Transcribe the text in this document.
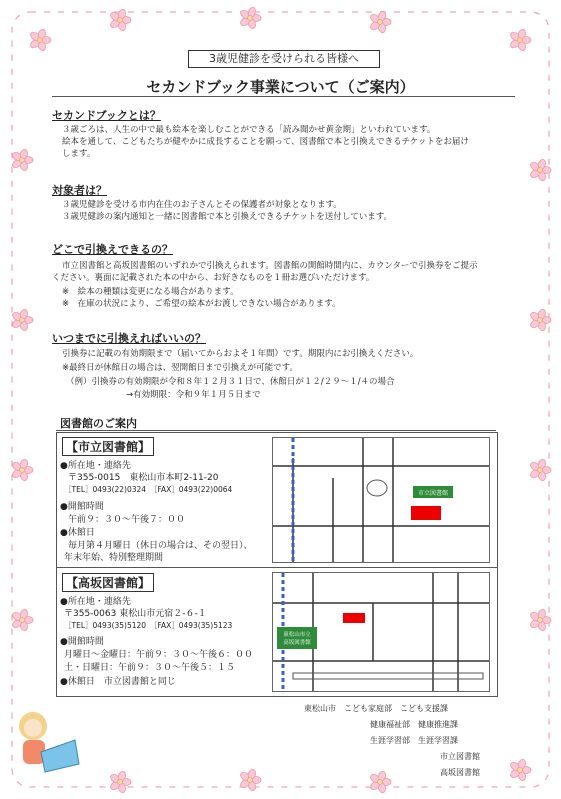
3歳児健診を受けられる皆様へ
セカンドブック事業について（ご案内）
セカンドブックとは？
３歳ごろは、人生の中で最も絵本を楽しむことができる「読み聞かせ黄金期」といわれています。
絵本を通して、こどもたちが健やかに成長することを願って、図書館で本と引換えできるチケットをお届け
します。
対象者は？
３歳児健診を受ける市内在住のお子さんとその保護者が対象となります。
３歳児健診の案内通知と一緒に図書館で本と引換えできるチケットを送付しています。
どこで引換えできるの？
市立図書館と高坂図書館のいずれかで引換えられます。図書館の開館時間内に、カウンターで引換券をご提示
ください。裏面に記載された本の中から、お好きなものを１冊お選びいただけます。
※　絵本の種類は変更になる場合があります。
※　在庫の状況により、ご希望の絵本がお渡しできない場合があります。
いつまでに引換えればいいの？
引換券に記載の有効期限まで（届いてからおよそ１年間）です。期限内にお引換えください。
※最終日が休館日の場合は、翌開館日まで引換えが可能です。
（例）引換券の有効期限が令和８年１２月３１日で、休館日が１２/２９〜１/４の場合
→有効期限：令和９年１月５日まで
図書館のご案内
【市立図書館】
●所在地・連絡先
〒355-0015　東松山市本町2-11-20
［TEL］0493(22)0324　［FAX］0493(22)0064
●開館時間
午前９：３０〜午後７：００
●休館日
毎月第４月曜日（休日の場合は、その翌日）、
年末年始、特別整理期間
市立図書館
【高坂図書館】
●所在地・連絡先
〒355-0063 東松山市元宿２-６-１
［TEL］0493(35)5120　［FAX］0493(35)5123
●開館時間
月曜日〜金曜日：午前９：３０〜午後６：００
土・日曜日：午前９：３０〜午後５：１５
●休館日　市立図書館と同じ
東松山市立
高坂図書館
東松山市　こども家庭部　こども支援課
健康福祉部　健康推進課
生涯学習部　生涯学習課
市立図書館
高坂図書館
